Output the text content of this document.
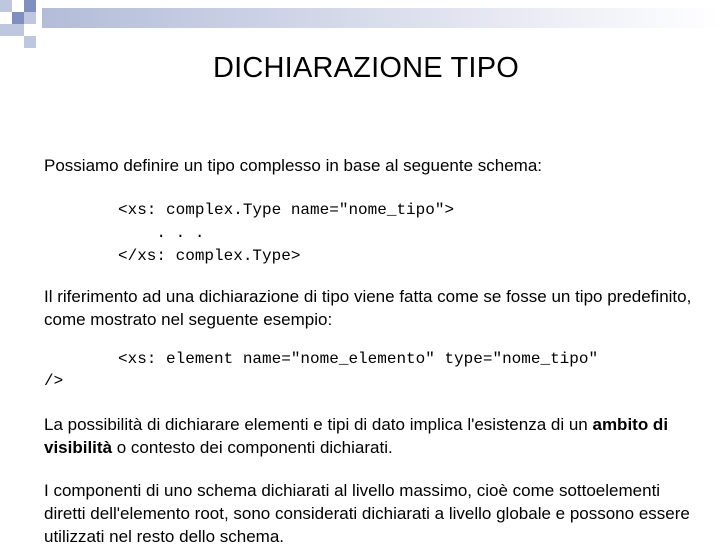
DICHIARAZIONE TIPO

Possiamo definire un tipo complesso in base al seguente schema:

<xs: complex.Type name="nome_tipo">
. . .
</xs: complex.Type>

Il riferimento ad una dichiarazione di tipo viene fatta come se fosse un tipo predefinito, come mostrato nel seguente esempio:

<xs: element name="nome_elemento" type="nome_tipo"
/>

La possibilità di dichiarare elementi e tipi di dato implica l'esistenza di un ambito di visibilità o contesto dei componenti dichiarati.

I componenti di uno schema dichiarati al livello massimo, cioè come sottoelementi diretti dell'elemento root, sono considerati dichiarati a livello globale e possono essere utilizzati nel resto dello schema.
